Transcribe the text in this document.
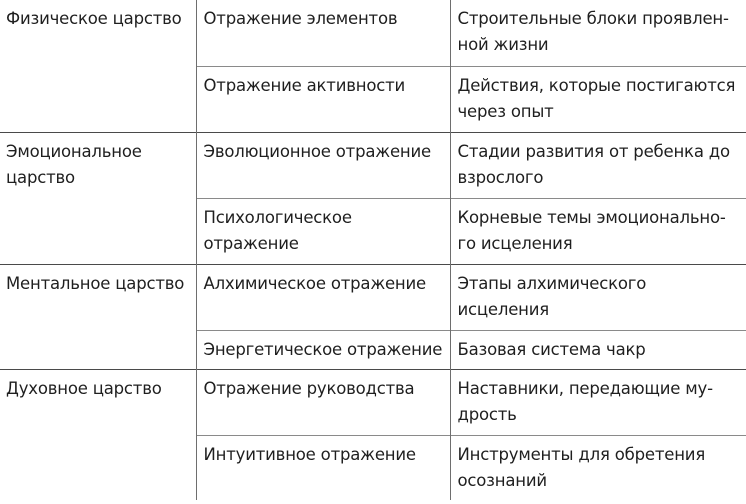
Физическое царство	Отражение элементов	Строительные блоки проявлен-ной жизни
	Отражение активности	Действия, которые постигаются через опыт
Эмоциональное царство	Эволюционное отражение	Стадии развития от ребенка до взрослого
	Психологическое отражение	Корневые темы эмоционально-го исцеления
Ментальное царство	Алхимическое отражение	Этапы алхимического исцеления
	Энергетическое отражение	Базовая система чакр
Духовное царство	Отражение руководства	Наставники, передающие му-дрость
	Интуитивное отражение	Инструменты для обретения осознаний
